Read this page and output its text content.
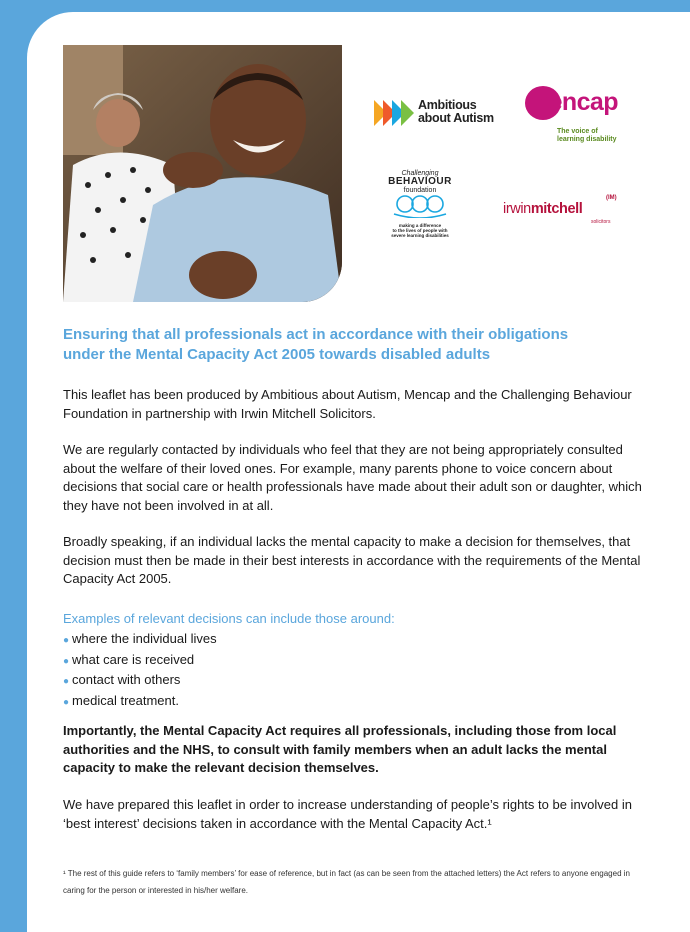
Ambitious
about Autism
mencap
The voice of
learning disability
Challenging
BEHAVIOUR
foundation
making a difference
to the lives of people with
severe learning disabilities
irwinmitchell
(IM)
solicitors
Ensuring that all professionals act in accordance with their obligations
under the Mental Capacity Act 2005 towards disabled adults

This leaflet has been produced by Ambitious about Autism, Mencap and the Challenging Behaviour Foundation in partnership with Irwin Mitchell Solicitors.

We are regularly contacted by individuals who feel that they are not being appropriately consulted about the welfare of their loved ones. For example, many parents phone to voice concern about decisions that social care or health professionals have made about their adult son or daughter, which they have not been involved in at all.

Broadly speaking, if an individual lacks the mental capacity to make a decision for themselves, that decision must then be made in their best interests in accordance with the requirements of the Mental Capacity Act 2005.

Examples of relevant decisions can include those around:

● where the individual lives
● what care is received
● contact with others
● medical treatment.

Importantly, the Mental Capacity Act requires all professionals, including those from local authorities and the NHS, to consult with family members when an adult lacks the mental capacity to make the relevant decision themselves.

We have prepared this leaflet in order to increase understanding of people’s rights to be involved in ‘best interest’ decisions taken in accordance with the Mental Capacity Act.¹

¹ The rest of this guide refers to ‘family members’ for ease of reference, but in fact (as can be seen from the attached letters) the Act refers to anyone engaged in caring for the person or interested in his/her welfare.
